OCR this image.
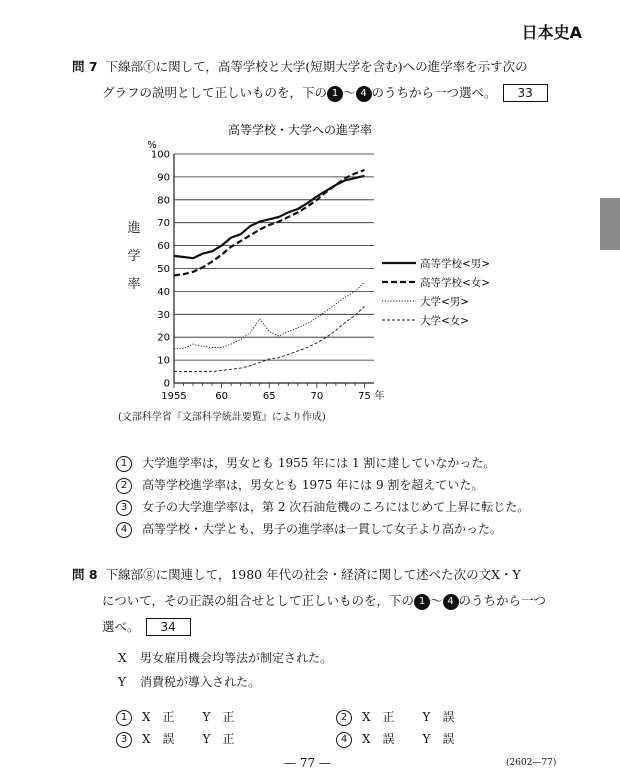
日本史A
問 7 下線部ⓕに関して，高等学校と大学(短期大学を含む)への進学率を示す次の
グラフの説明として正しいものを，下の 1 〜 4 のうちから一つ選べ。 33
高等学校・大学への進学率
%
0
10
20
30
40
50
60
70
80
90
100
1955	60	65	70	75
高等学校<男>
高等学校<女>
大学<男>
大学<女>
年
進
学
率
(文部科学省『文部科学統計要覧』により作成)
1 大学進学率は，男女とも 1955 年には 1 割に達していなかった。
2 高等学校進学率は，男女とも 1975 年には 9 割を超えていた。
3 女子の大学進学率は，第 2 次石油危機のころにはじめて上昇に転じた。
4 高等学校・大学とも，男子の進学率は一貫して女子より高かった。
問 8 下線部ⓖに関連して，1980 年代の社会・経済に関して述べた次の文X・Y
について，その正誤の組合せとして正しいものを，下の 1 〜 4 のうちから一つ
選べ。 34
X 男女雇用機会均等法が制定された。
Y 消費税が導入された。
1 X　正 Y　正
3 X　誤 Y　正
2 X　正 Y　誤
4 X　誤 Y　誤
— 77 —	(2602—77)
